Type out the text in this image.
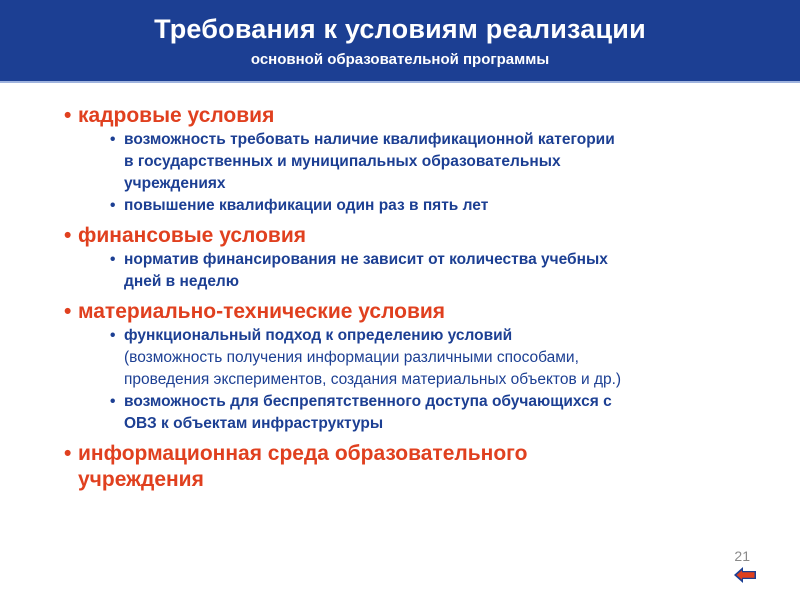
Требования к условиям реализации
основной образовательной программы
• кадровые условия
• возможность требовать наличие квалификационной категории
в государственных и муниципальных образовательных
учреждениях
• повышение квалификации один раз в пять лет
• финансовые условия
• норматив финансирования не зависит от количества учебных
дней в неделю
• материально-технические условия
• функциональный подход к определению условий
(возможность получения информации различными способами,
проведения экспериментов, создания материальных объектов и др.)
• возможность для беспрепятственного доступа обучающихся с
ОВЗ к объектам инфраструктуры
• информационная среда образовательного
учреждения
21
